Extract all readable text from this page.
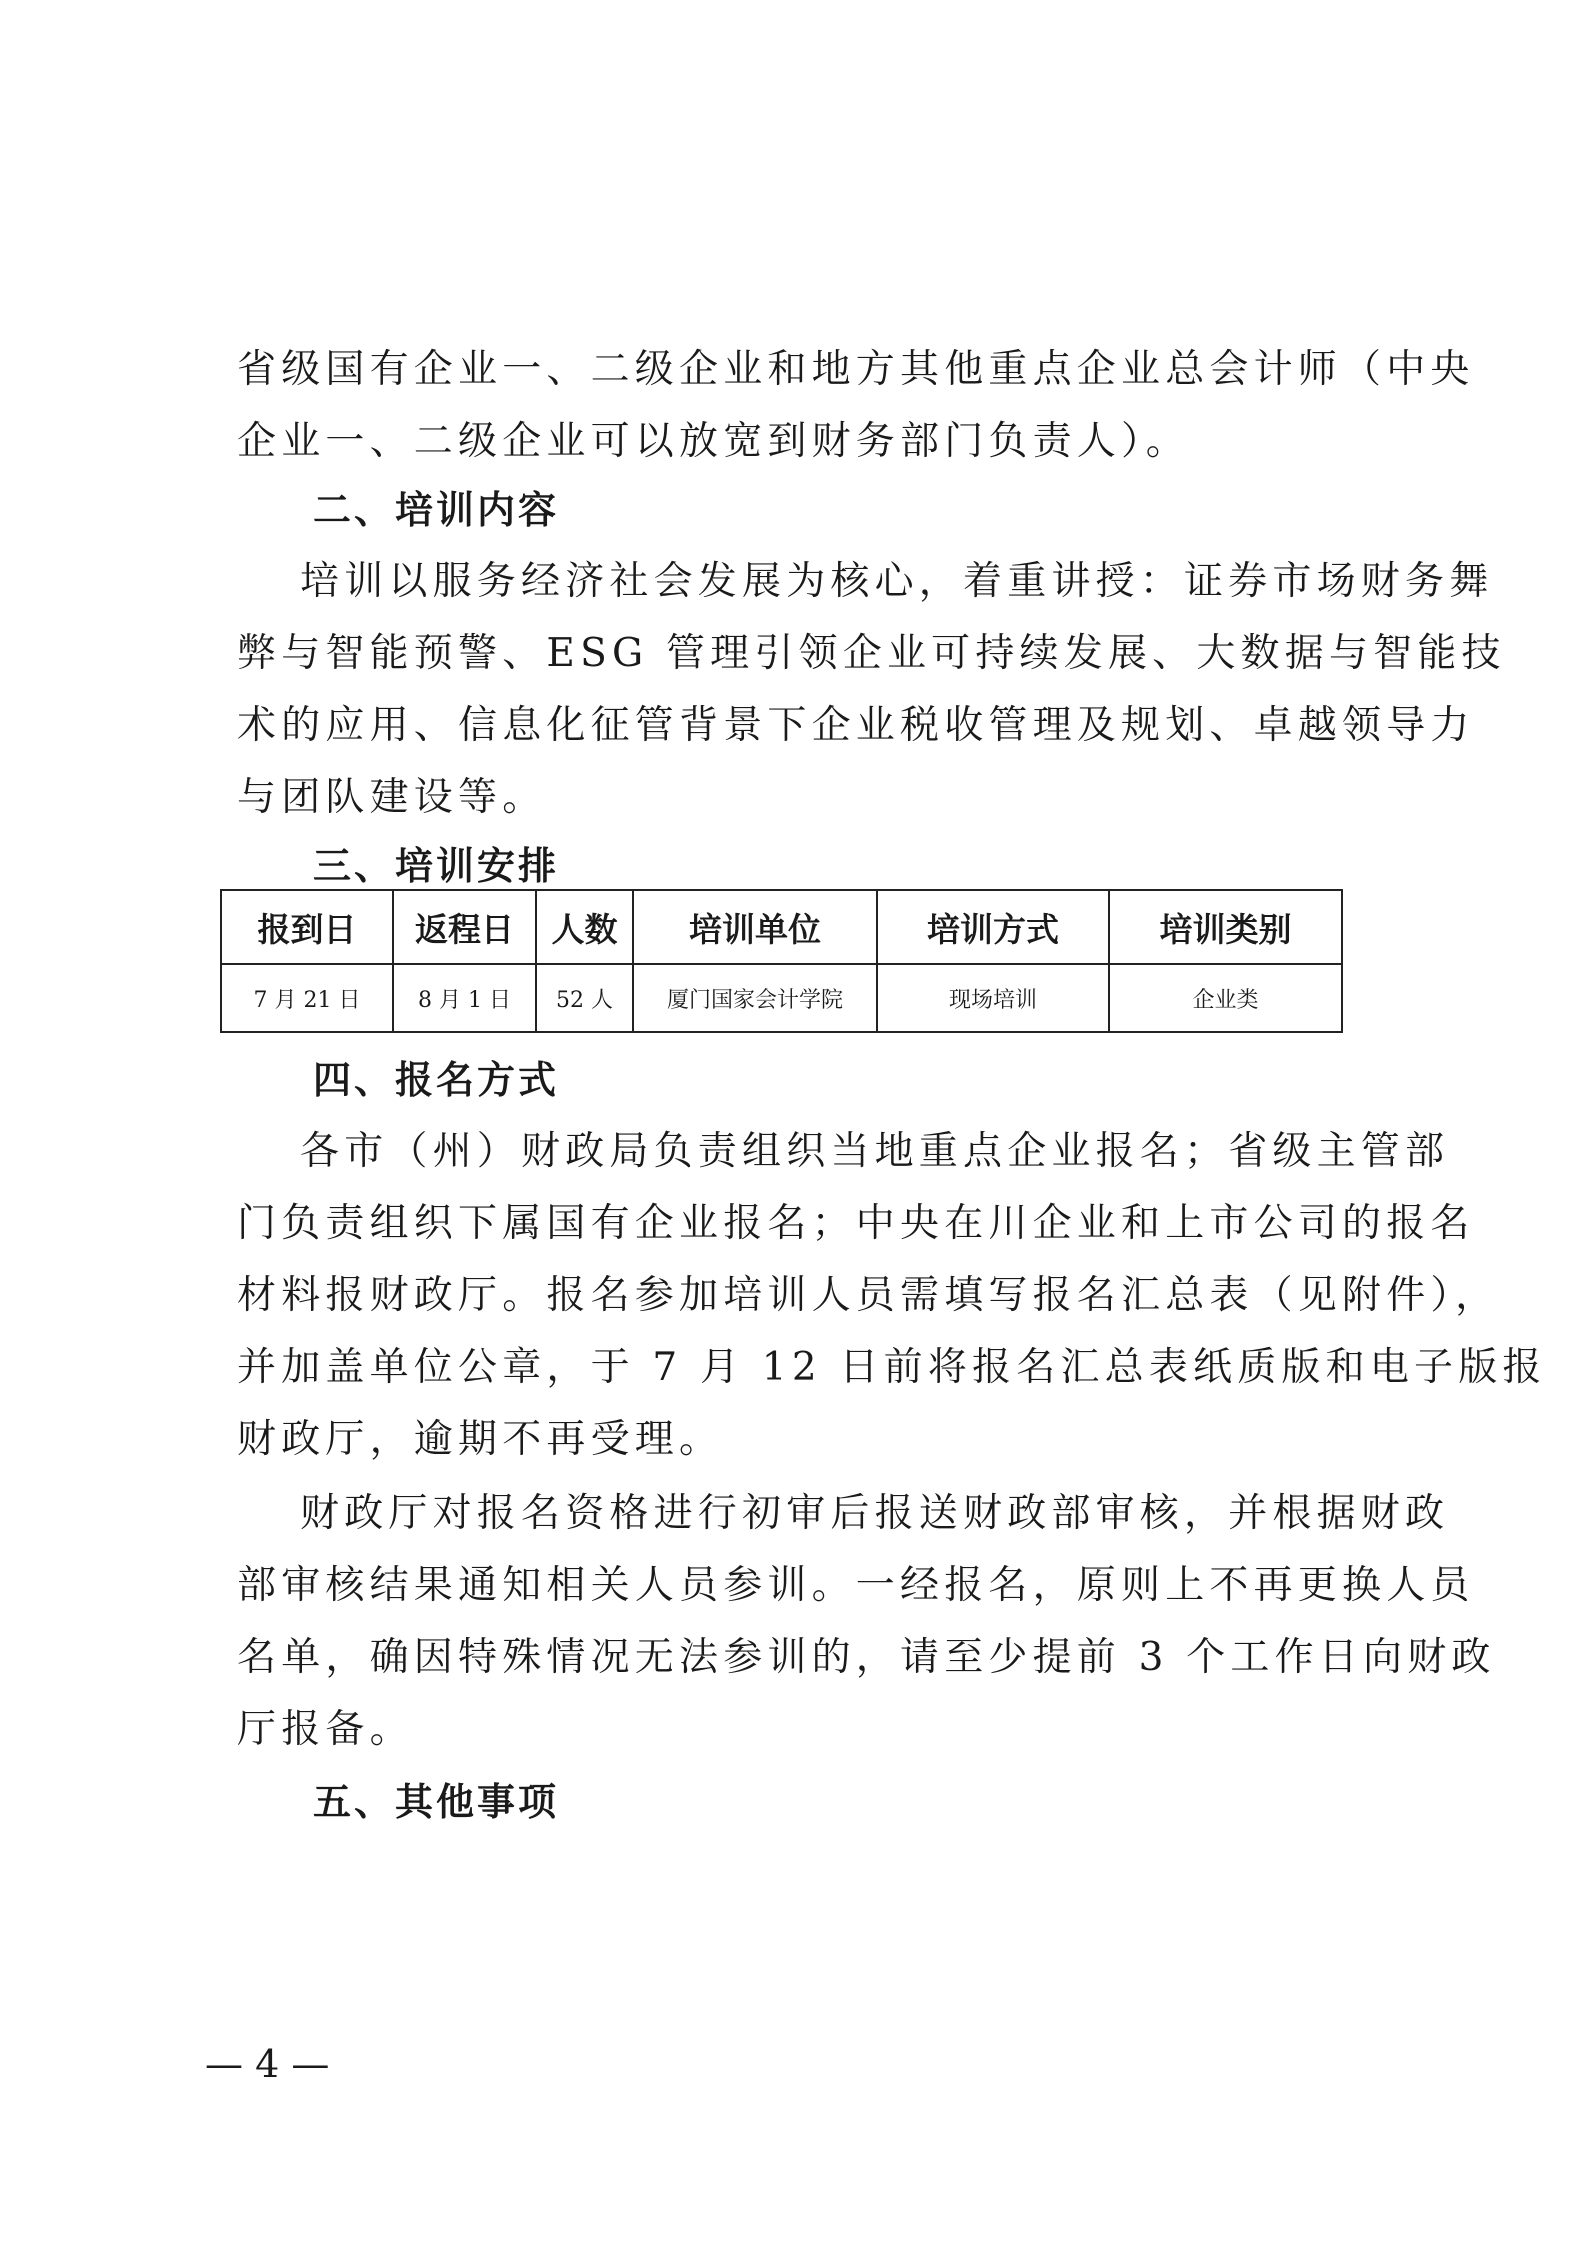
省级国有企业一、二级企业和地方其他重点企业总会计师（中央
企业一、二级企业可以放宽到财务部门负责人）。
二、培训内容
培训以服务经济社会发展为核心，着重讲授：证券市场财务舞
弊与智能预警、ESG 管理引领企业可持续发展、大数据与智能技
术的应用、信息化征管背景下企业税收管理及规划、卓越领导力
与团队建设等。
三、培训安排
报到日	返程日	人数	培训单位	培训方式	培训类别
7 月 21 日	8 月 1 日	52 人	厦门国家会计学院	现场培训	企业类
四、报名方式
各市（州）财政局负责组织当地重点企业报名；省级主管部
门负责组织下属国有企业报名；中央在川企业和上市公司的报名
材料报财政厅。报名参加培训人员需填写报名汇总表（见附件），
并加盖单位公章，于 7 月 12 日前将报名汇总表纸质版和电子版报
财政厅，逾期不再受理。
财政厅对报名资格进行初审后报送财政部审核，并根据财政
部审核结果通知相关人员参训。一经报名，原则上不再更换人员
名单，确因特殊情况无法参训的，请至少提前 3 个工作日向财政
厅报备。
五、其他事项
— 4 —
